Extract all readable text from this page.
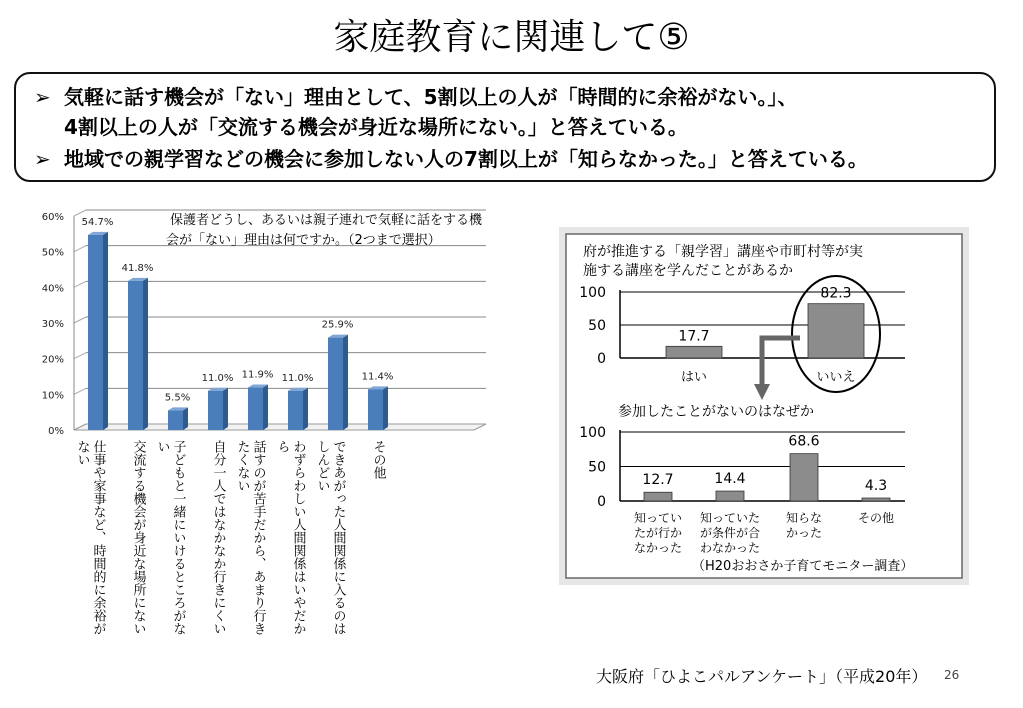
家庭教育に関連して⑤
➢ 気軽に話す機会が「ない」理由として、5割以上の人が「時間的に余裕がない。」、
4割以上の人が「交流する機会が身近な場所にない。」と答えている。
➢ 地域での親学習などの機会に参加しない人の7割以上が「知らなかった。」と答えている。
0%
10%
20%
30%
40%
50%
60%	保護者どうし、あるいは親子連れで気軽に話をする機
会が「ない」理由は何ですか。（2つまで選択）
54.7%
41.8%
5.5%
11.0% 11.9% 11.0%
25.9%
11.4%
仕事や家事など、時間的に余裕が
ない	交流する機会が身近な場所にない 子どもと一緒にいけるところがな
い	自分一人ではなかなか行きにくい 話すのが苦手だから、あまり行き
たくない	わずらわしい人間関係はいやだか
ら	できあがった人間関係に入るのは
しんどい	その他
府が推進する「親学習」講座や市町村等が実
施する講座を学んだことがあるか
0
50
100
17.7
はい
82.3
いいえ
参加したことがないのはなぜか
0
50
100
12.7
知ってい
たが行か
なかった
14.4
知っていた
が条件が合
わなかった
68.6
知らな
かった
4.3
その他
（H20おおさか子育てモニター調査）
大阪府「ひよこパルアンケート」（平成20年） 26
